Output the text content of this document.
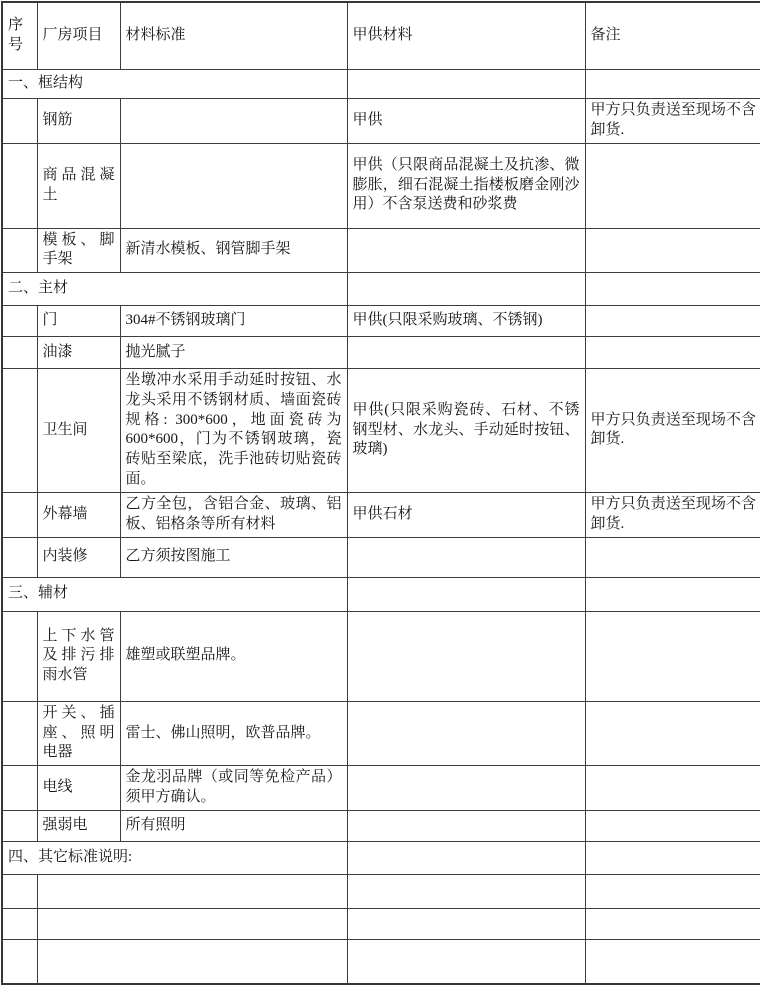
序号	厂房项目	材料标准	甲供材料	备注
一、框结构				
	钢筋		甲供	甲方只负责送至现场不含卸货.
	商品混凝土		甲供（只限商品混凝土及抗渗、微膨胀，细石混凝土指楼板磨金刚沙用）不含泵送费和砂浆费	
	模板、脚手架	新清水模板、钢管脚手架		
二、主材				
	门	304#不锈钢玻璃门	甲供(只限采购玻璃、不锈钢)	
	油漆	抛光腻子		
	卫生间	坐墩冲水采用手动延时按钮、水龙头采用不锈钢材质、墙面瓷砖规格: 300*600，地面瓷砖为 600*600，门为不锈钢玻璃，瓷砖贴至梁底，洗手池砖切贴瓷砖面。	甲供(只限采购瓷砖、石材、不锈钢型材、水龙头、手动延时按钮、玻璃)	甲方只负责送至现场不含卸货.
	外幕墙	乙方全包，含铝合金、玻璃、铝板、铝格条等所有材料	甲供石材	甲方只负责送至现场不含卸货.
	内装修	乙方须按图施工		
三、辅材				
	上下水管及排污排雨水管	雄塑或联塑品牌。		
	开关、插座、照明电器	雷士、佛山照明，欧普品牌。		
	电线	金龙羽品牌（或同等免检产品）须甲方确认。		
	强弱电	所有照明		
四、其它标准说明:				
